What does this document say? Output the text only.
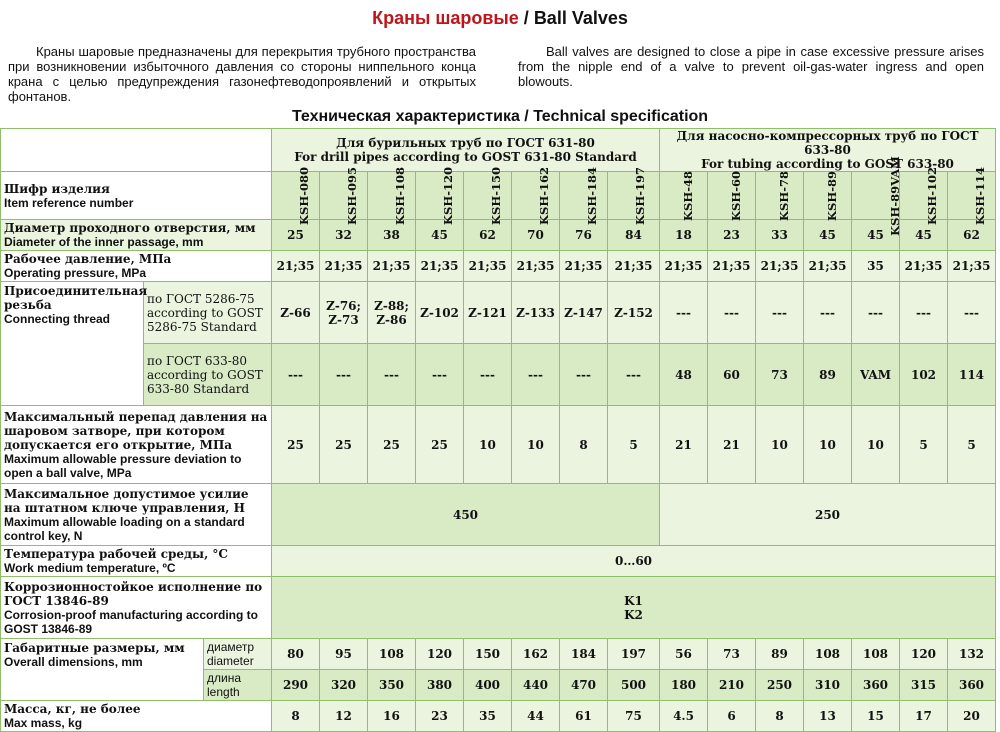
Краны шаровые / Ball Valves
Краны шаровые предназначены для перекрытия трубного пространства при возникновении избыточного давления со стороны ниппельного конца крана с целью предупреждения газонефтеводопроявлений и открытых фонтанов.
Ball valves are designed to close a pipe in case excessive pressure arises from the nipple end of a valve to prevent oil-gas-water ingress and open blowouts.
Техническая характеристика / Technical specification
			Для бурильных труб по ГОСТ 631-80
For drill pipes according to GOST 631-80 Standard								Для насосно-компрессорных труб по ГОСТ 633-80
For tubing according to GOST 633-80						
Шифр изделия
Item reference number			KSH-080	KSH-095	KSH-108	KSH-120	KSH-150	KSH-162	KSH-184	KSH-197	KSH-48	KSH-60	KSH-78	KSH-89	KSH-89VAM	KSH-102	KSH-114
Диаметр проходного отверстия, мм
Diameter of the inner passage, mm			25	32	38	45	62	70	76	84	18	23	33	45	45	45	62
Рабочее давление, МПа
Operating pressure, MPa			21;35	21;35	21;35	21;35	21;35	21;35	21;35	21;35	21;35	21;35	21;35	21;35	35	21;35	21;35
Присоединительная резьба
Connecting thread	по ГОСТ 5286-75
according to GOST 5286-75 Standard		Z-66	Z-76; Z-73	Z-88; Z-86	Z-102	Z-121	Z-133	Z-147	Z-152	---	---	---	---	---	---	---
	по ГОСТ 633-80
according to GOST 633-80 Standard		---	---	---	---	---	---	---	---	48	60	73	89	VAM	102	114
Максимальный перепад давления на шаровом затворе, при котором допускается его открытие, МПа
Maximum allowable pressure deviation to open a ball valve, MPa			25	25	25	25	10	10	8	5	21	21	10	10	10	5	5
Максимальное допустимое усилие на штатном ключе управления, Н
Maximum allowable loading on a standard control key, N			450								250						
Температура рабочей среды, °С
Work medium temperature, ºС			0…60														
Коррозионностойкое исполнение по ГОСТ 13846-89
Corrosion-proof manufacturing according to GOST 13846-89			K1
K2														
Габаритные размеры, мм
Overall dimensions, mm		диаметр
diameter	80	95	108	120	150	162	184	197	56	73	89	108	108	120	132
		длина
length	290	320	350	380	400	440	470	500	180	210	250	310	360	315	360
Масса, кг, не более
Max mass, kg			8	12	16	23	35	44	61	75	4.5	6	8	13	15	17	20
